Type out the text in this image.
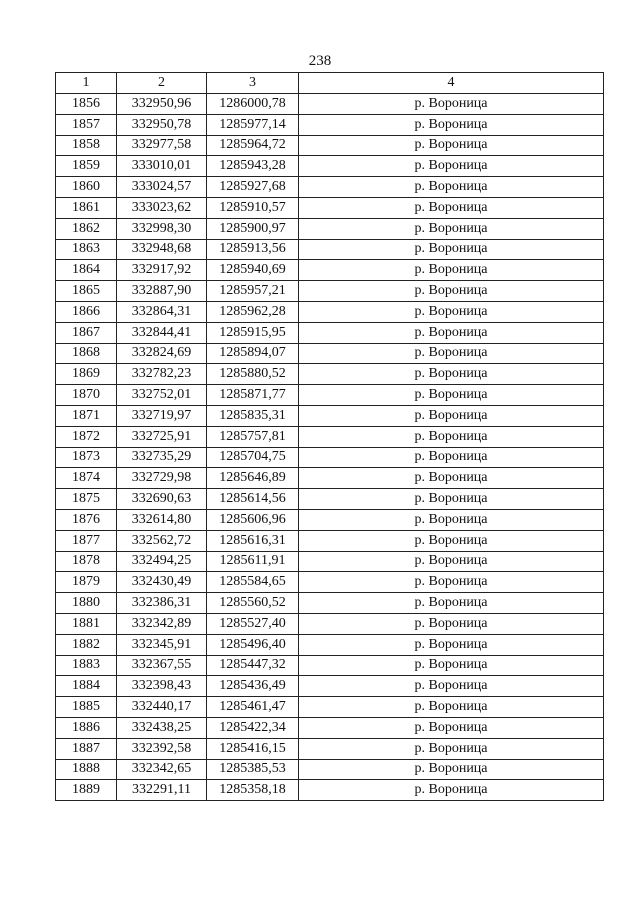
238
1	2	3	4
1856	332950,96	1286000,78	р. Вороница
1857	332950,78	1285977,14	р. Вороница
1858	332977,58	1285964,72	р. Вороница
1859	333010,01	1285943,28	р. Вороница
1860	333024,57	1285927,68	р. Вороница
1861	333023,62	1285910,57	р. Вороница
1862	332998,30	1285900,97	р. Вороница
1863	332948,68	1285913,56	р. Вороница
1864	332917,92	1285940,69	р. Вороница
1865	332887,90	1285957,21	р. Вороница
1866	332864,31	1285962,28	р. Вороница
1867	332844,41	1285915,95	р. Вороница
1868	332824,69	1285894,07	р. Вороница
1869	332782,23	1285880,52	р. Вороница
1870	332752,01	1285871,77	р. Вороница
1871	332719,97	1285835,31	р. Вороница
1872	332725,91	1285757,81	р. Вороница
1873	332735,29	1285704,75	р. Вороница
1874	332729,98	1285646,89	р. Вороница
1875	332690,63	1285614,56	р. Вороница
1876	332614,80	1285606,96	р. Вороница
1877	332562,72	1285616,31	р. Вороница
1878	332494,25	1285611,91	р. Вороница
1879	332430,49	1285584,65	р. Вороница
1880	332386,31	1285560,52	р. Вороница
1881	332342,89	1285527,40	р. Вороница
1882	332345,91	1285496,40	р. Вороница
1883	332367,55	1285447,32	р. Вороница
1884	332398,43	1285436,49	р. Вороница
1885	332440,17	1285461,47	р. Вороница
1886	332438,25	1285422,34	р. Вороница
1887	332392,58	1285416,15	р. Вороница
1888	332342,65	1285385,53	р. Вороница
1889	332291,11	1285358,18	р. Вороница
